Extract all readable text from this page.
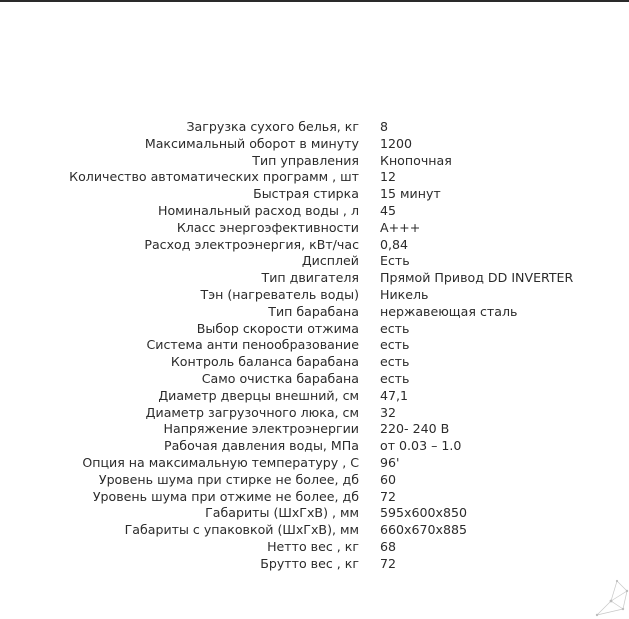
Загрузка сухого белья, кг 8
Максимальный оборот в минуту 1200
Тип управления Кнопочная
Количество автоматических программ , шт 12
Быстрая стирка 15 минут
Номинальный расход воды , л 45
Класс энергоэфективности A+++
Расход электроэнергия, кВт/час 0,84
Дисплей Есть
Тип двигателя Прямой Привод DD INVERTER
Тэн (нагреватель воды) Никель
Тип барабана нержавеющая сталь
Выбор скорости отжима есть
Система анти пенообразование есть
Контроль баланса барабана есть
Само очистка барабана есть
Диаметр дверцы внешний, см 47,1
Диаметр загрузочного люка, см 32
Напряжение электроэнергии 220- 240 В
Рабочая давления воды, МПа от 0.03 – 1.0
Опция на максимальную температуру , С 96'
Уровень шума при стирке не более, дб 60
Уровень шума при отжиме не более, дб 72
Габариты (ШхГхВ) , мм 595х600х850
Габариты с упаковкой (ШхГхВ), мм 660х670х885
Нетто вес , кг 68
Брутто вес , кг 72
